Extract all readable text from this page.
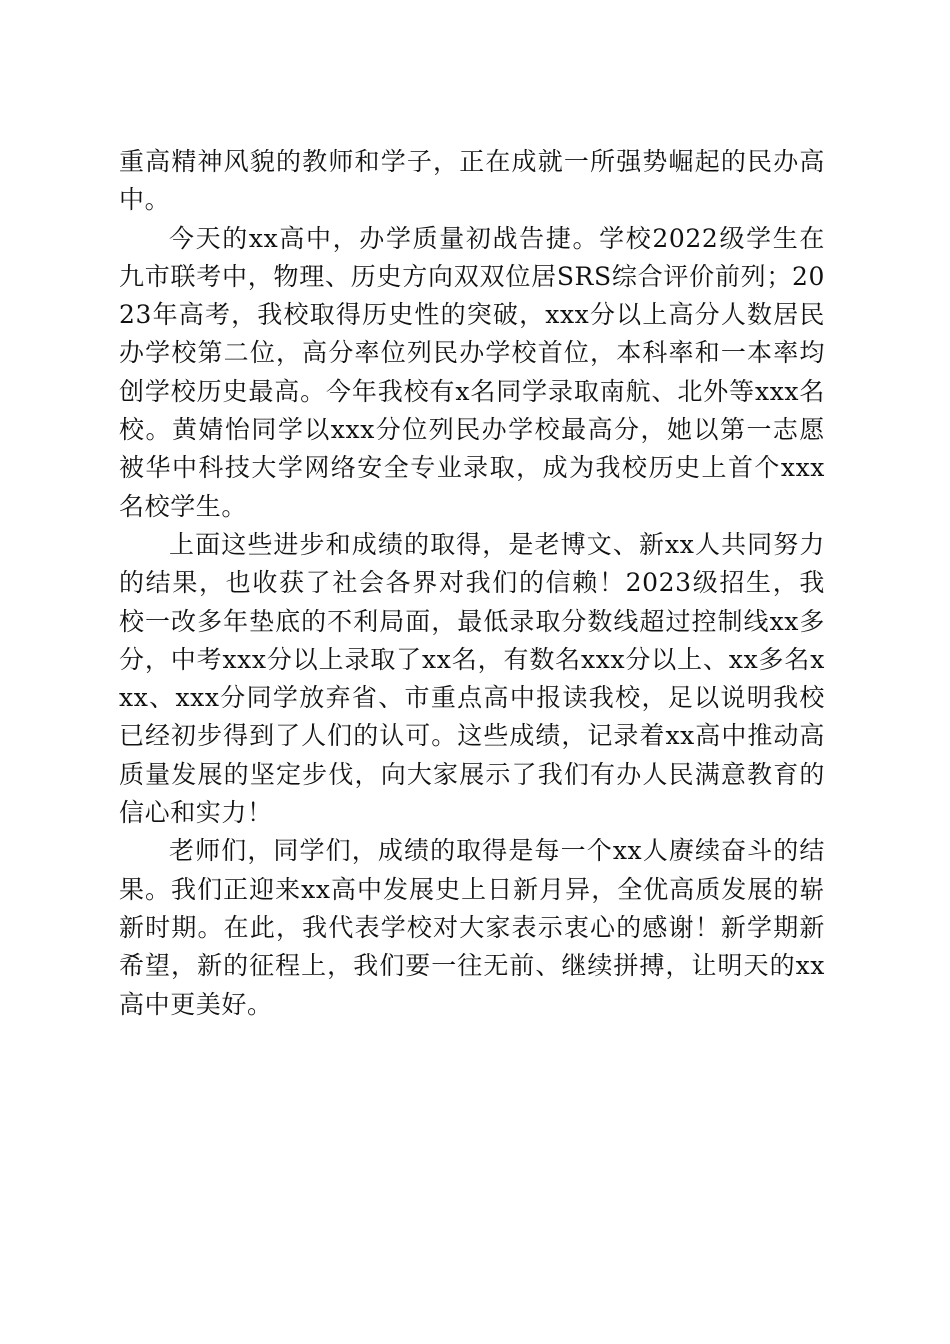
重高精神风貌的教师和学子，正在成就一所强势崛起的民办高中。

今天的xx高中，办学质量初战告捷。学校2022级学生在九市联考中，物理、历史方向双双位居SRS综合评价前列；2023年高考，我校取得历史性的突破，xxx分以上高分人数居民办学校第二位，高分率位列民办学校首位，本科率和一本率均创学校历史最高。今年我校有x名同学录取南航、北外等xxx名校。黄婧怡同学以xxx分位列民办学校最高分，她以第一志愿被华中科技大学网络安全专业录取，成为我校历史上首个xxx名校学生。

上面这些进步和成绩的取得，是老博文、新xx人共同努力的结果，也收获了社会各界对我们的信赖！2023级招生，我校一改多年垫底的不利局面，最低录取分数线超过控制线xx多分，中考xxx分以上录取了xx名，有数名xxx分以上、xx多名xxx、xxx分同学放弃省、市重点高中报读我校，足以说明我校已经初步得到了人们的认可。这些成绩，记录着xx高中推动高质量发展的坚定步伐，向大家展示了我们有办人民满意教育的信心和实力！

老师们，同学们，成绩的取得是每一个xx人赓续奋斗的结果。我们正迎来xx高中发展史上日新月异，全优高质发展的崭新时期。在此，我代表学校对大家表示衷心的感谢！新学期新希望，新的征程上，我们要一往无前、继续拼搏，让明天的xx高中更美好。
